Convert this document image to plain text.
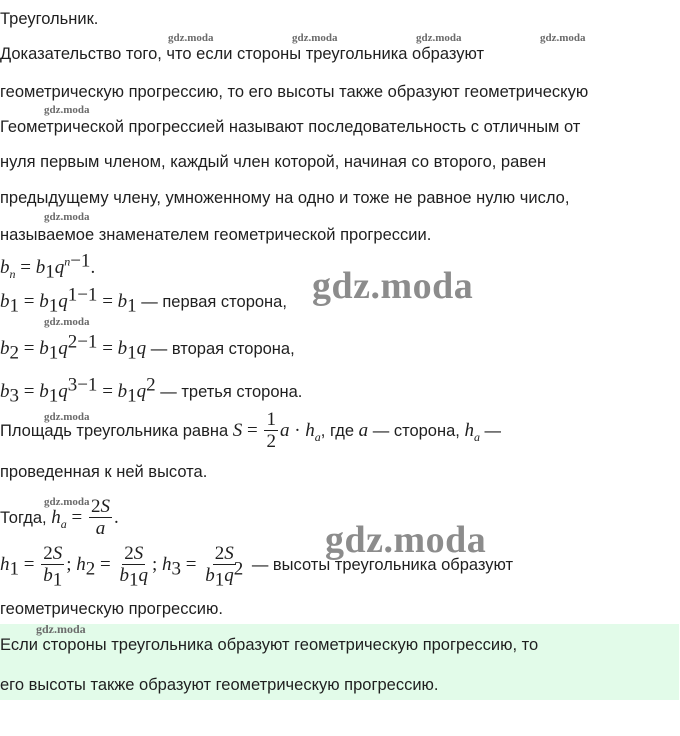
gdz.moda	gdz.moda	gdz.moda	gdz.moda
gdz.moda
gdz.moda
gdz.moda
gdz.moda
gdz.moda
gdz.moda
gdz.moda
Треугольник.
Доказательство того, что если стороны треугольника образуют
геометрическую прогрессию, то его высоты также образуют геометрическую
Геометрической прогрессией называют последовательность с отличным от
нуля первым членом, каждый член которой, начиная со второго, равен
предыдущему члену, умноженному на одно и тоже не равное нулю число,
называемое знаменателем геометрической прогрессии.
$b_n = b_1q^{n-1}$.
$b_1 = b_1q^{1-1} = b_1$ — первая сторона,
$b_2 = b_1q^{2-1} = b_1q$ — вторая сторона,
$b_3 = b_1q^{3-1} = b_1q^2$ — третья сторона.
Площадь треугольника равна $S = \frac{1}{2}$ $a \cdot h_a$, где a — сторона, $h_a$ —
проведенная к ней высота.
Тогда, $h_a = \frac{2S}{a}$ .
$h_1 = \frac{2S}{b_1}$ ; $h_2 = \frac{2S}{b_1q}$ ; $h_3 = \frac{2S}{b_1q^2}$ — высоты треугольника образуют
геометрическую прогрессию.
gdz.moda
Если стороны треугольника образуют геометрическую прогрессию, то
его высоты также образуют геометрическую прогрессию.
